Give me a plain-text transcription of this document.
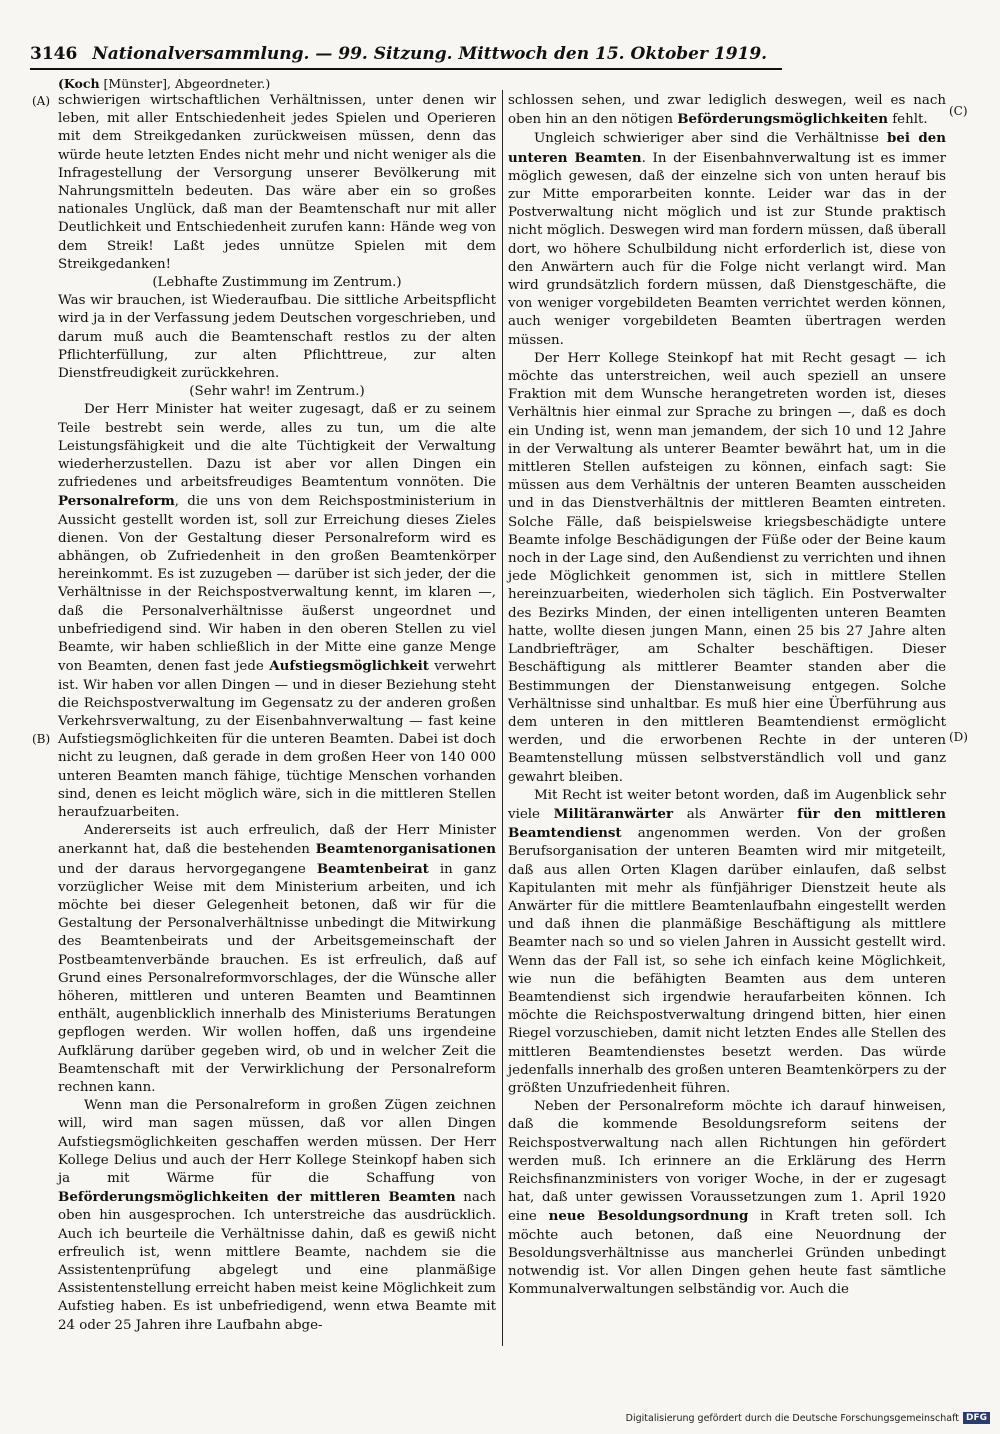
3146 Nationalversammlung. — 99. Sitzung. Mittwoch den 15. Oktober 1919.
(Koch [Münster], Abgeordneter.)
(A)
(B)
(C)
(D)

schwierigen wirtschaftlichen Verhältnissen, unter denen wir leben, mit aller Entschiedenheit jedes Spielen und Operieren mit dem Streikgedanken zurückweisen müssen, denn das würde heute letzten Endes nicht mehr und nicht weniger als die Infragestellung der Versorgung unserer Bevölkerung mit Nahrungsmitteln bedeuten. Das wäre aber ein so großes nationales Unglück, daß man der Beamtenschaft nur mit aller Deutlichkeit und Entschiedenheit zurufen kann: Hände weg von dem Streik! Laßt jedes unnütze Spielen mit dem Streikgedanken!

(Lebhafte Zustimmung im Zentrum.)

Was wir brauchen, ist Wiederaufbau. Die sittliche Arbeitspflicht wird ja in der Verfassung jedem Deutschen vorgeschrieben, und darum muß auch die Beamtenschaft restlos zu der alten Pflichterfüllung, zur alten Pflichttreue, zur alten Dienstfreudigkeit zurückkehren.

(Sehr wahr! im Zentrum.)

Der Herr Minister hat weiter zugesagt, daß er zu seinem Teile bestrebt sein werde, alles zu tun, um die alte Leistungsfähigkeit und die alte Tüchtigkeit der Verwaltung wiederherzustellen. Dazu ist aber vor allen Dingen ein zufriedenes und arbeitsfreudiges Beamtentum vonnöten. Die Personalreform, die uns von dem Reichspostministerium in Aussicht gestellt worden ist, soll zur Erreichung dieses Zieles dienen. Von der Gestaltung dieser Personalreform wird es abhängen, ob Zufriedenheit in den großen Beamtenkörper hereinkommt. Es ist zuzugeben — darüber ist sich jeder, der die Verhältnisse in der Reichspostverwaltung kennt, im klaren —, daß die Personalverhältnisse äußerst ungeordnet und unbefriedigend sind. Wir haben in den oberen Stellen zu viel Beamte, wir haben schließlich in der Mitte eine ganze Menge von Beamten, denen fast jede Aufstiegsmöglichkeit verwehrt ist. Wir haben vor allen Dingen — und in dieser Beziehung steht die Reichspostverwaltung im Gegensatz zu der anderen großen Verkehrsverwaltung, zu der Eisenbahnverwaltung — fast keine Aufstiegsmöglichkeiten für die unteren Beamten. Dabei ist doch nicht zu leugnen, daß gerade in dem großen Heer von 140 000 unteren Beamten manch fähige, tüchtige Menschen vorhanden sind, denen es leicht möglich wäre, sich in die mittleren Stellen heraufzuarbeiten.

Andererseits ist auch erfreulich, daß der Herr Minister anerkannt hat, daß die bestehenden Beamtenorganisationen und der daraus hervorgegangene Beamtenbeirat in ganz vorzüglicher Weise mit dem Ministerium arbeiten, und ich möchte bei dieser Gelegenheit betonen, daß wir für die Gestaltung der Personalverhältnisse unbedingt die Mitwirkung des Beamtenbeirats und der Arbeitsgemeinschaft der Postbeamtenverbände brauchen. Es ist erfreulich, daß auf Grund eines Personalreformvorschlages, der die Wünsche aller höheren, mittleren und unteren Beamten und Beamtinnen enthält, augenblicklich innerhalb des Ministeriums Beratungen gepflogen werden. Wir wollen hoffen, daß uns irgendeine Aufklärung darüber gegeben wird, ob und in welcher Zeit die Beamtenschaft mit der Verwirklichung der Personalreform rechnen kann.

Wenn man die Personalreform in großen Zügen zeichnen will, wird man sagen müssen, daß vor allen Dingen Aufstiegsmöglichkeiten geschaffen werden müssen. Der Herr Kollege Delius und auch der Herr Kollege Steinkopf haben sich ja mit Wärme für die Schaffung von Beförderungsmöglichkeiten der mittleren Beamten nach oben hin ausgesprochen. Ich unterstreiche das ausdrücklich. Auch ich beurteile die Verhältnisse dahin, daß es gewiß nicht erfreulich ist, wenn mittlere Beamte, nachdem sie die Assistentenprüfung abgelegt und eine planmäßige Assistentenstellung erreicht haben meist keine Möglichkeit zum Aufstieg haben. Es ist unbefriedigend, wenn etwa Beamte mit 24 oder 25 Jahren ihre Laufbahn abge-

schlossen sehen, und zwar lediglich deswegen, weil es nach oben hin an den nötigen Beförderungsmöglichkeiten fehlt.

Ungleich schwieriger aber sind die Verhältnisse bei den unteren Beamten. In der Eisenbahnverwaltung ist es immer möglich gewesen, daß der einzelne sich von unten herauf bis zur Mitte emporarbeiten konnte. Leider war das in der Postverwaltung nicht möglich und ist zur Stunde praktisch nicht möglich. Deswegen wird man fordern müssen, daß überall dort, wo höhere Schulbildung nicht erforderlich ist, diese von den Anwärtern auch für die Folge nicht verlangt wird. Man wird grundsätzlich fordern müssen, daß Dienstgeschäfte, die von weniger vorgebildeten Beamten verrichtet werden können, auch weniger vorgebildeten Beamten übertragen werden müssen.

Der Herr Kollege Steinkopf hat mit Recht gesagt — ich möchte das unterstreichen, weil auch speziell an unsere Fraktion mit dem Wunsche herangetreten worden ist, dieses Verhältnis hier einmal zur Sprache zu bringen —, daß es doch ein Unding ist, wenn man jemandem, der sich 10 und 12 Jahre in der Verwaltung als unterer Beamter bewährt hat, um in die mittleren Stellen aufsteigen zu können, einfach sagt: Sie müssen aus dem Verhältnis der unteren Beamten ausscheiden und in das Dienstverhältnis der mittleren Beamten eintreten. Solche Fälle, daß beispielsweise kriegsbeschädigte untere Beamte infolge Beschädigungen der Füße oder der Beine kaum noch in der Lage sind, den Außendienst zu verrichten und ihnen jede Möglichkeit genommen ist, sich in mittlere Stellen hereinzuarbeiten, wiederholen sich täglich. Ein Postverwalter des Bezirks Minden, der einen intelligenten unteren Beamten hatte, wollte diesen jungen Mann, einen 25 bis 27 Jahre alten Landbriefträger, am Schalter beschäftigen. Dieser Beschäftigung als mittlerer Beamter standen aber die Bestimmungen der Dienstanweisung entgegen. Solche Verhältnisse sind unhaltbar. Es muß hier eine Überführung aus dem unteren in den mittleren Beamtendienst ermöglicht werden, und die erworbenen Rechte in der unteren Beamtenstellung müssen selbstverständlich voll und ganz gewahrt bleiben.

Mit Recht ist weiter betont worden, daß im Augenblick sehr viele Militäranwärter als Anwärter für den mittleren Beamtendienst angenommen werden. Von der großen Berufsorganisation der unteren Beamten wird mir mitgeteilt, daß aus allen Orten Klagen darüber einlaufen, daß selbst Kapitulanten mit mehr als fünfjähriger Dienstzeit heute als Anwärter für die mittlere Beamtenlaufbahn eingestellt werden und daß ihnen die planmäßige Beschäftigung als mittlere Beamter nach so und so vielen Jahren in Aussicht gestellt wird. Wenn das der Fall ist, so sehe ich einfach keine Möglichkeit, wie nun die befähigten Beamten aus dem unteren Beamtendienst sich irgendwie heraufarbeiten können. Ich möchte die Reichspostverwaltung dringend bitten, hier einen Riegel vorzuschieben, damit nicht letzten Endes alle Stellen des mittleren Beamtendienstes besetzt werden. Das würde jedenfalls innerhalb des großen unteren Beamtenkörpers zu der größten Unzufriedenheit führen.

Neben der Personalreform möchte ich darauf hinweisen, daß die kommende Besoldungsreform seitens der Reichspostverwaltung nach allen Richtungen hin gefördert werden muß. Ich erinnere an die Erklärung des Herrn Reichsfinanzministers von voriger Woche, in der er zugesagt hat, daß unter gewissen Voraussetzungen zum 1. April 1920 eine neue Besoldungsordnung in Kraft treten soll. Ich möchte auch betonen, daß eine Neuordnung der Besoldungsverhältnisse aus mancherlei Gründen unbedingt notwendig ist. Vor allen Dingen gehen heute fast sämtliche Kommunalverwaltungen selbständig vor. Auch die

Digitalisierung gefördert durch die Deutsche Forschungsgemeinschaft DFG
